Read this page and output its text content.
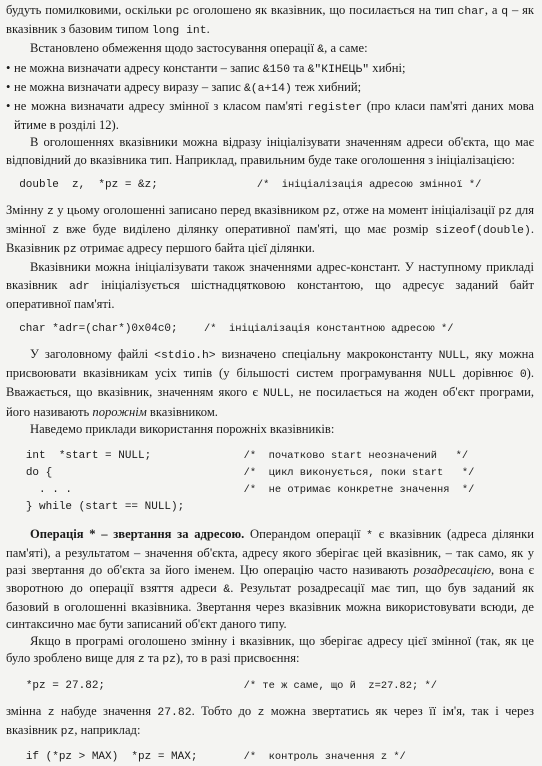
будуть помилковими, оскільки pc оголошено як вказівник, що посилається на тип char, а q – як вказівник з базовим типом long int.

Встановлено обмеження щодо застосування операції &, а саме:

• не можна визначати адресу константи – запис &150 та &"КІНЕЦЬ" хибні;
• не можна визначати адресу виразу – запис &(a+14) теж хибний;
• не можна визначати адресу змінної з класом пам'яті register (про класи пам'яті даних мова йтиме в розділі 12).

В оголошеннях вказівники можна відразу ініціалізувати значенням адреси об'єкта, що має відповідний до вказівника тип. Наприклад, правильним буде таке оголошення з ініціалізацією:

double  z,  *pz = &z;	/*  ініціалізація адресою змінної */

Змінну z у цьому оголошенні записано перед вказівником pz, отже на момент ініціалізації pz для змінної z вже буде виділено ділянку оперативної пам'яті, що має розмір sizeof(double). Вказівник pz отримає адресу першого байта цієї ділянки.

Вказівники можна ініціалізувати також значеннями адрес-констант. У наступному прикладі вказівник adr ініціалізується шістнадцятковою константою, що адресує заданий байт оперативної пам'яті.

char *adr=(char*)0x04c0;	/*  ініціалізація константною адресою */

У заголовному файлі <stdio.h> визначено спеціальну макроконстанту NULL, яку можна присвоювати вказівникам усіх типів (у більшості систем програмування NULL дорівнює 0). Вважається, що вказівник, значенням якого є NULL, не посилається на жоден об'єкт програми, його називають порожнім вказівником.

Наведемо приклади використання порожніх вказівників:

int  *start = NULL;	/*  початково start неозначений   */
do {	/*  цикл виконується, поки start   */
. . .	/*  не отримає конкретне значення  */
} while (start == NULL);

Операція * – звертання за адресою. Операндом операції * є вказівник (адреса ділянки пам'яті), а результатом – значення об'єкта, адресу якого зберігає цей вказівник, – так само, як у разі звертання до об'єкта за його іменем. Цю операцію часто називають розадресацією, вона є зворотною до операції взяття адреси &. Результат розадресації має тип, що був заданий як базовий в оголошенні вказівника. Звертання через вказівник можна використовувати всюди, де синтаксично має бути записаний об'єкт даного типу.

Якщо в програмі оголошено змінну і вказівник, що зберігає адресу цієї змінної (так, як це було зроблено вище для z та pz), то в разі присвоєння:

*pz = 27.82;	/* те ж саме, що й  z=27.82; */

змінна z набуде значення 27.82. Тобто до z можна звертатись як через її ім'я, так і через вказівник pz, наприклад:

if (*pz > MAX)  *pz = MAX;	/*  контроль значення z */
